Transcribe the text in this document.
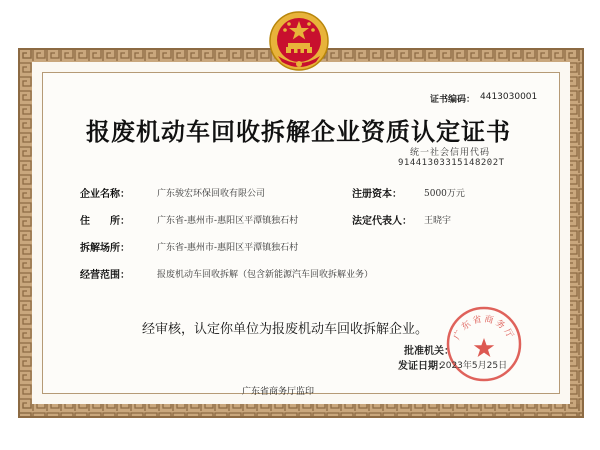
证书编码： 4413030001
报废机动车回收拆解企业资质认定证书
统一社会信用代码
91441303315148202T
企业名称：	广东骏宏环保回收有限公司	注册资本： 5000万元
住　　所：	广东省-惠州市-惠阳区平潭镇独石村	法定代表人： 王晓宇
拆解场所：	广东省-惠州市-惠阳区平潭镇独石村
经营范围：	报废机动车回收拆解（包含新能源汽车回收拆解业务）
经审核，认定你单位为报废机动车回收拆解企业。	广东省商务厅
批准机关：
发证日期：
2023年5月25日
广东省商务厅监印
